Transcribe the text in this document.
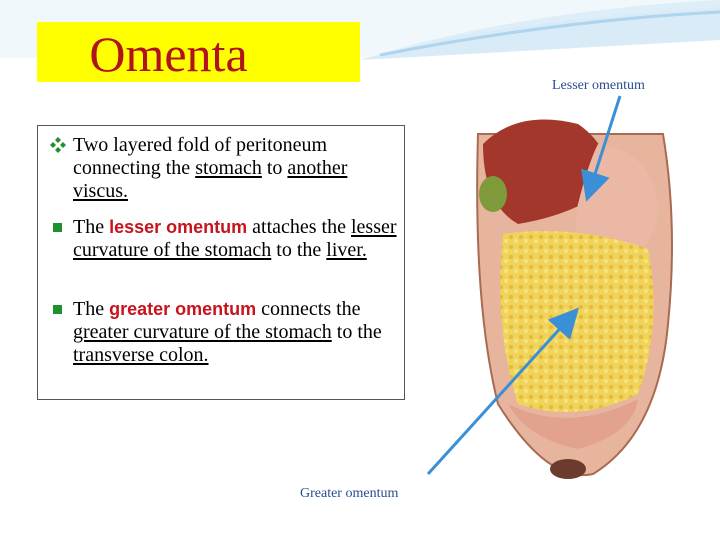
Omenta
Two layered fold of peritoneum connecting the stomach to another viscus.
The lesser omentum attaches the lesser curvature of the stomach to the liver.
The greater omentum connects the greater curvature of the stomach to the transverse colon.
Lesser omentum
Greater omentum
